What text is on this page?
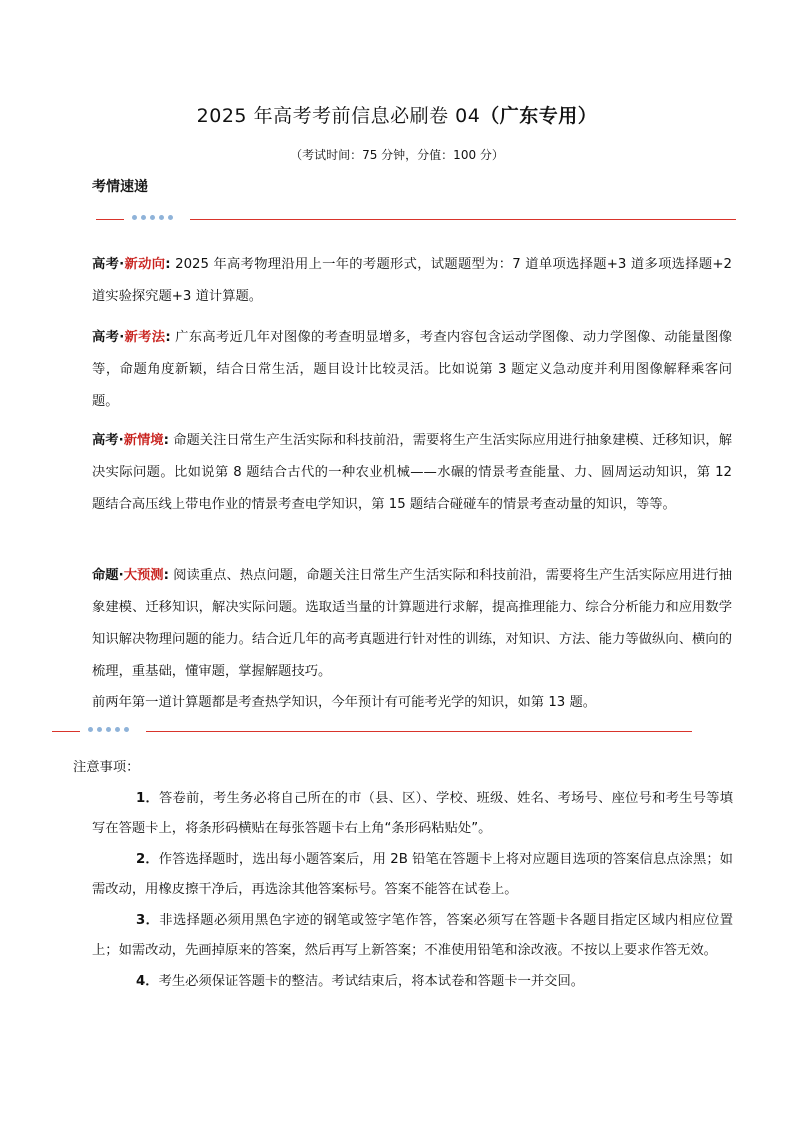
2025 年高考考前信息必刷卷 04（广东专用）
（考试时间：75 分钟，分值：100 分）
考情速递
高考·新动向: 2025 年高考物理沿用上一年的考题形式，试题题型为：7 道单项选择题+3 道多项选择题+2 道实验探究题+3 道计算题。
高考·新考法: 广东高考近几年对图像的考查明显增多，考查内容包含运动学图像、动力学图像、动能量图像等，命题角度新颖，结合日常生活，题目设计比较灵活。比如说第 3 题定义急动度并利用图像解释乘客问题。
高考·新情境: 命题关注日常生产生活实际和科技前沿，需要将生产生活实际应用进行抽象建模、迁移知识，解决实际问题。比如说第 8 题结合古代的一种农业机械——水碾的情景考查能量、力、圆周运动知识，第 12 题结合高压线上带电作业的情景考查电学知识，第 15 题结合碰碰车的情景考查动量的知识，等等。
命题·大预测: 阅读重点、热点问题，命题关注日常生产生活实际和科技前沿，需要将生产生活实际应用进行抽象建模、迁移知识，解决实际问题。选取适当量的计算题进行求解，提高推理能力、综合分析能力和应用数学知识解决物理问题的能力。结合近几年的高考真题进行针对性的训练，对知识、方法、能力等做纵向、横向的梳理，重基础，懂审题，掌握解题技巧。
前两年第一道计算题都是考查热学知识，今年预计有可能考光学的知识，如第 13 题。

注意事项：

1．答卷前，考生务必将自己所在的市（县、区）、学校、班级、姓名、考场号、座位号和考生号等填写在答题卡上，将条形码横贴在每张答题卡右上角“条形码粘贴处”。

2．作答选择题时，选出每小题答案后，用 2B 铅笔在答题卡上将对应题目选项的答案信息点涂黑；如需改动，用橡皮擦干净后，再选涂其他答案标号。答案不能答在试卷上。

3．非选择题必须用黑色字迹的钢笔或签字笔作答，答案必须写在答题卡各题目指定区域内相应位置上；如需改动，先画掉原来的答案，然后再写上新答案；不准使用铅笔和涂改液。不按以上要求作答无效。

4．考生必须保证答题卡的整洁。考试结束后，将本试卷和答题卡一并交回。
